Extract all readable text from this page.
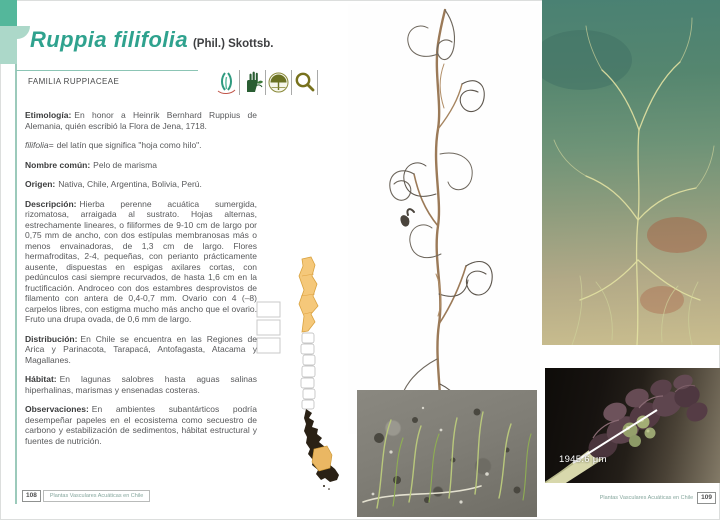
Ruppia filifolia (Phil.) Skottsb.
FAMILIA RUPPIACEAE

Etimología: En honor a Heinrik Bernhard Ruppius de Alemania, quién escribió la Flora de Jena, 1718.

filifolia= del latín que significa "hoja como hilo".

Nombre común: Pelo de marisma

Origen: Nativa, Chile, Argentina, Bolivia, Perú.

Descripción: Hierba perenne acuática sumergida, rizomatosa, arraigada al sustrato. Hojas alternas, estrechamente lineares, o filiformes de 9-10 cm de largo por 0,75 mm de ancho, con dos estípulas membranosas más o menos envainadoras, de 1,3 cm de largo. Flores hermafroditas, 2-4, pequeñas, con perianto prácticamente ausente, dispuestas en espigas axilares cortas, con pedúnculos casi siempre recurvados, de hasta 1,6 cm en la fructificación. Androceo con dos estambres desprovistos de filamento con antera de 0,4-0,7 mm. Ovario con 4 (–8) carpelos libres, con estigma mucho más ancho que el ovario. Fruto una drupa ovada, de 0,6 mm de largo.

Distribución: En Chile se encuentra en las Regiones de Arica y Parinacota, Tarapacá, Antofagasta, Atacama y Magallanes.

Hábitat: En lagunas salobres hasta aguas salinas hiperhalinas, marismas y ensenadas costeras.

Observaciones: En ambientes subantárticos podría desempeñar papeles en el ecosistema como secuestro de carbono y estabilización de sedimentos, hábitat estructural y fuentes de nutrición.

1945.6 μm
108	Plantas Vasculares Acuáticas en Chile	Plantas Vasculares Acuáticas en Chile	109
